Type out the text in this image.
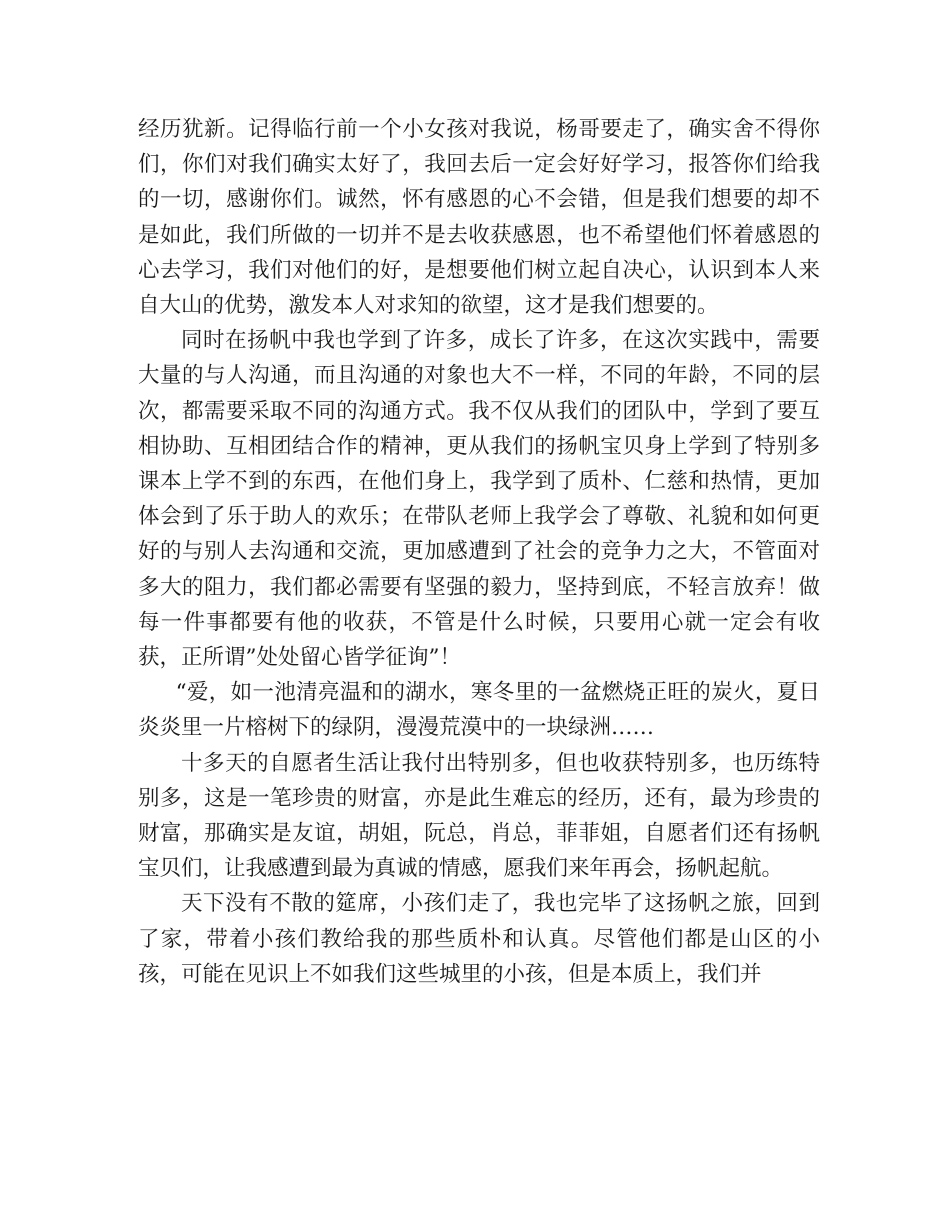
经历犹新。记得临行前一个小女孩对我说，杨哥要走了，确实舍不得你们，你们对我们确实太好了，我回去后一定会好好学习，报答你们给我的一切，感谢你们。诚然，怀有感恩的心不会错，但是我们想要的却不是如此，我们所做的一切并不是去收获感恩，也不希望他们怀着感恩的心去学习，我们对他们的好，是想要他们树立起自决心，认识到本人来自大山的优势，激发本人对求知的欲望，这才是我们想要的。

同时在扬帆中我也学到了许多，成长了许多，在这次实践中，需要大量的与人沟通，而且沟通的对象也大不一样，不同的年龄，不同的层次，都需要采取不同的沟通方式。我不仅从我们的团队中，学到了要互相协助、互相团结合作的精神，更从我们的扬帆宝贝身上学到了特别多课本上学不到的东西，在他们身上，我学到了质朴、仁慈和热情，更加体会到了乐于助人的欢乐；在带队老师上我学会了尊敬、礼貌和如何更好的与别人去沟通和交流，更加感遭到了社会的竞争力之大，不管面对多大的阻力，我们都必需要有坚强的毅力，坚持到底，不轻言放弃！做每一件事都要有他的收获，不管是什么时候，只要用心就一定会有收获，正所谓”处处留心皆学征询”！

“爱，如一池清亮温和的湖水，寒冬里的一盆燃烧正旺的炭火，夏日炎炎里一片榕树下的绿阴，漫漫荒漠中的一块绿洲……

十多天的自愿者生活让我付出特别多，但也收获特别多，也历练特别多，这是一笔珍贵的财富，亦是此生难忘的经历，还有，最为珍贵的财富，那确实是友谊，胡姐，阮总，肖总，菲菲姐，自愿者们还有扬帆宝贝们，让我感遭到最为真诚的情感，愿我们来年再会，扬帆起航。

天下没有不散的筵席，小孩们走了，我也完毕了这扬帆之旅，回到了家，带着小孩们教给我的那些质朴和认真。尽管他们都是山区的小孩，可能在见识上不如我们这些城里的小孩，但是本质上，我们并
